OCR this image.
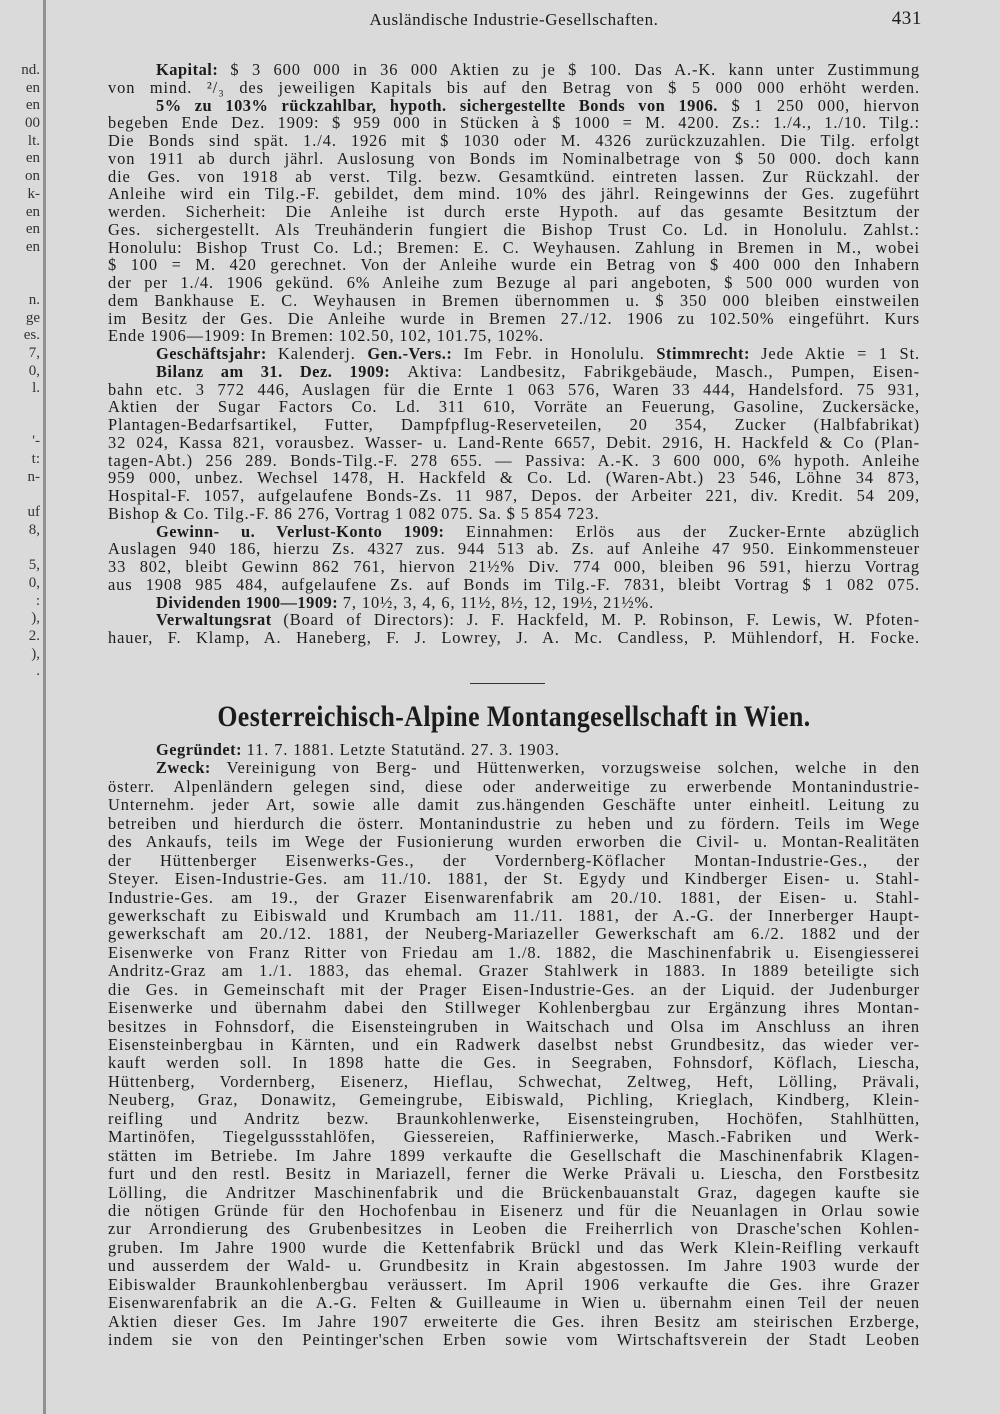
nd.
en
en
00
lt.
en
on
k-
en
en
en
n.
ge
es.
7,
0,
l.
'-
t:
n-
uf
8,
5,
0,
:
),
2.
),
.
Ausländische Industrie-Gesellschaften.	431
Kapital: $ 3 600 000 in 36 000 Aktien zu je $ 100. Das A.-K. kann unter Zustimmung
von mind. ²/₃ des jeweiligen Kapitals bis auf den Betrag von $ 5 000 000 erhöht werden.
5% zu 103% rückzahlbar, hypoth. sichergestellte Bonds von 1906. $ 1 250 000, hiervon
begeben Ende Dez. 1909: $ 959 000 in Stücken à $ 1000 = M. 4200. Zs.: 1./4., 1./10. Tilg.:
Die Bonds sind spät. 1./4. 1926 mit $ 1030 oder M. 4326 zurückzuzahlen. Die Tilg. erfolgt
von 1911 ab durch jährl. Auslosung von Bonds im Nominalbetrage von $ 50 000. doch kann
die Ges. von 1918 ab verst. Tilg. bezw. Gesamtkünd. eintreten lassen. Zur Rückzahl. der
Anleihe wird ein Tilg.-F. gebildet, dem mind. 10% des jährl. Reingewinns der Ges. zugeführt
werden. Sicherheit: Die Anleihe ist durch erste Hypoth. auf das gesamte Besitztum der
Ges. sichergestellt. Als Treuhänderin fungiert die Bishop Trust Co. Ld. in Honolulu. Zahlst.:
Honolulu: Bishop Trust Co. Ld.; Bremen: E. C. Weyhausen. Zahlung in Bremen in M., wobei
$ 100 = M. 420 gerechnet. Von der Anleihe wurde ein Betrag von $ 400 000 den Inhabern
der per 1./4. 1906 gekünd. 6% Anleihe zum Bezuge al pari angeboten, $ 500 000 wurden von
dem Bankhause E. C. Weyhausen in Bremen übernommen u. $ 350 000 bleiben einstweilen
im Besitz der Ges. Die Anleihe wurde in Bremen 27./12. 1906 zu 102.50% eingeführt. Kurs
Ende 1906—1909: In Bremen: 102.50, 102, 101.75, 102%.
Geschäftsjahr: Kalenderj. Gen.-Vers.: Im Febr. in Honolulu. Stimmrecht: Jede Aktie = 1 St.
Bilanz am 31. Dez. 1909: Aktiva: Landbesitz, Fabrikgebäude, Masch., Pumpen, Eisen-
bahn etc. 3 772 446, Auslagen für die Ernte 1 063 576, Waren 33 444, Handelsford. 75 931,
Aktien der Sugar Factors Co. Ld. 311 610, Vorräte an Feuerung, Gasoline, Zuckersäcke,
Plantagen-Bedarfsartikel, Futter, Dampfpflug-Reserveteilen, 20 354, Zucker (Halbfabrikat)
32 024, Kassa 821, vorausbez. Wasser- u. Land-Rente 6657, Debit. 2916, H. Hackfeld & Co (Plan-
tagen-Abt.) 256 289. Bonds-Tilg.-F. 278 655. — Passiva: A.-K. 3 600 000, 6% hypoth. Anleihe
959 000, unbez. Wechsel 1478, H. Hackfeld & Co. Ld. (Waren-Abt.) 23 546, Löhne 34 873,
Hospital-F. 1057, aufgelaufene Bonds-Zs. 11 987, Depos. der Arbeiter 221, div. Kredit. 54 209,
Bishop & Co. Tilg.-F. 86 276, Vortrag 1 082 075. Sa. $ 5 854 723.
Gewinn- u. Verlust-Konto 1909: Einnahmen: Erlös aus der Zucker-Ernte abzüglich
Auslagen 940 186, hierzu Zs. 4327 zus. 944 513 ab. Zs. auf Anleihe 47 950. Einkommensteuer
33 802, bleibt Gewinn 862 761, hiervon 21½% Div. 774 000, bleiben 96 591, hierzu Vortrag
aus 1908 985 484, aufgelaufene Zs. auf Bonds im Tilg.-F. 7831, bleibt Vortrag $ 1 082 075.
Dividenden 1900—1909: 7, 10½, 3, 4, 6, 11½, 8½, 12, 19½, 21½%.
Verwaltungsrat (Board of Directors): J. F. Hackfeld, M. P. Robinson, F. Lewis, W. Pfoten-
hauer, F. Klamp, A. Haneberg, F. J. Lowrey, J. A. Mc. Candless, P. Mühlendorf, H. Focke.
Oesterreichisch-Alpine Montangesellschaft in Wien.
Gegründet: 11. 7. 1881. Letzte Statutänd. 27. 3. 1903.
Zweck: Vereinigung von Berg- und Hüttenwerken, vorzugsweise solchen, welche in den
österr. Alpenländern gelegen sind, diese oder anderweitige zu erwerbende Montanindustrie-
Unternehm. jeder Art, sowie alle damit zus.hängenden Geschäfte unter einheitl. Leitung zu
betreiben und hierdurch die österr. Montanindustrie zu heben und zu fördern. Teils im Wege
des Ankaufs, teils im Wege der Fusionierung wurden erworben die Civil- u. Montan-Realitäten
der Hüttenberger Eisenwerks-Ges., der Vordernberg-Köflacher Montan-Industrie-Ges., der
Steyer. Eisen-Industrie-Ges. am 11./10. 1881, der St. Egydy und Kindberger Eisen- u. Stahl-
Industrie-Ges. am 19., der Grazer Eisenwarenfabrik am 20./10. 1881, der Eisen- u. Stahl-
gewerkschaft zu Eibiswald und Krumbach am 11./11. 1881, der A.-G. der Innerberger Haupt-
gewerkschaft am 20./12. 1881, der Neuberg-Mariazeller Gewerkschaft am 6./2. 1882 und der
Eisenwerke von Franz Ritter von Friedau am 1./8. 1882, die Maschinenfabrik u. Eisengiesserei
Andritz-Graz am 1./1. 1883, das ehemal. Grazer Stahlwerk in 1883. In 1889 beteiligte sich
die Ges. in Gemeinschaft mit der Prager Eisen-Industrie-Ges. an der Liquid. der Judenburger
Eisenwerke und übernahm dabei den Stillweger Kohlenbergbau zur Ergänzung ihres Montan-
besitzes in Fohnsdorf, die Eisensteingruben in Waitschach und Olsa im Anschluss an ihren
Eisensteinbergbau in Kärnten, und ein Radwerk daselbst nebst Grundbesitz, das wieder ver-
kauft werden soll. In 1898 hatte die Ges. in Seegraben, Fohnsdorf, Köflach, Liescha,
Hüttenberg, Vordernberg, Eisenerz, Hieflau, Schwechat, Zeltweg, Heft, Lölling, Prävali,
Neuberg, Graz, Donawitz, Gemeingrube, Eibiswald, Pichling, Krieglach, Kindberg, Klein-
reifling und Andritz bezw. Braunkohlenwerke, Eisensteingruben, Hochöfen, Stahlhütten,
Martinöfen, Tiegelgussstahlöfen, Giessereien, Raffinierwerke, Masch.-Fabriken und Werk-
stätten im Betriebe. Im Jahre 1899 verkaufte die Gesellschaft die Maschinenfabrik Klagen-
furt und den restl. Besitz in Mariazell, ferner die Werke Prävali u. Liescha, den Forstbesitz
Lölling, die Andritzer Maschinenfabrik und die Brückenbauanstalt Graz, dagegen kaufte sie
die nötigen Gründe für den Hochofenbau in Eisenerz und für die Neuanlagen in Orlau sowie
zur Arrondierung des Grubenbesitzes in Leoben die Freiherrlich von Drasche'schen Kohlen-
gruben. Im Jahre 1900 wurde die Kettenfabrik Brückl und das Werk Klein-Reifling verkauft
und ausserdem der Wald- u. Grundbesitz in Krain abgestossen. Im Jahre 1903 wurde der
Eibiswalder Braunkohlenbergbau veräussert. Im April 1906 verkaufte die Ges. ihre Grazer
Eisenwarenfabrik an die A.-G. Felten & Guilleaume in Wien u. übernahm einen Teil der neuen
Aktien dieser Ges. Im Jahre 1907 erweiterte die Ges. ihren Besitz am steirischen Erzberge,
indem sie von den Peintinger'schen Erben sowie vom Wirtschaftsverein der Stadt Leoben
